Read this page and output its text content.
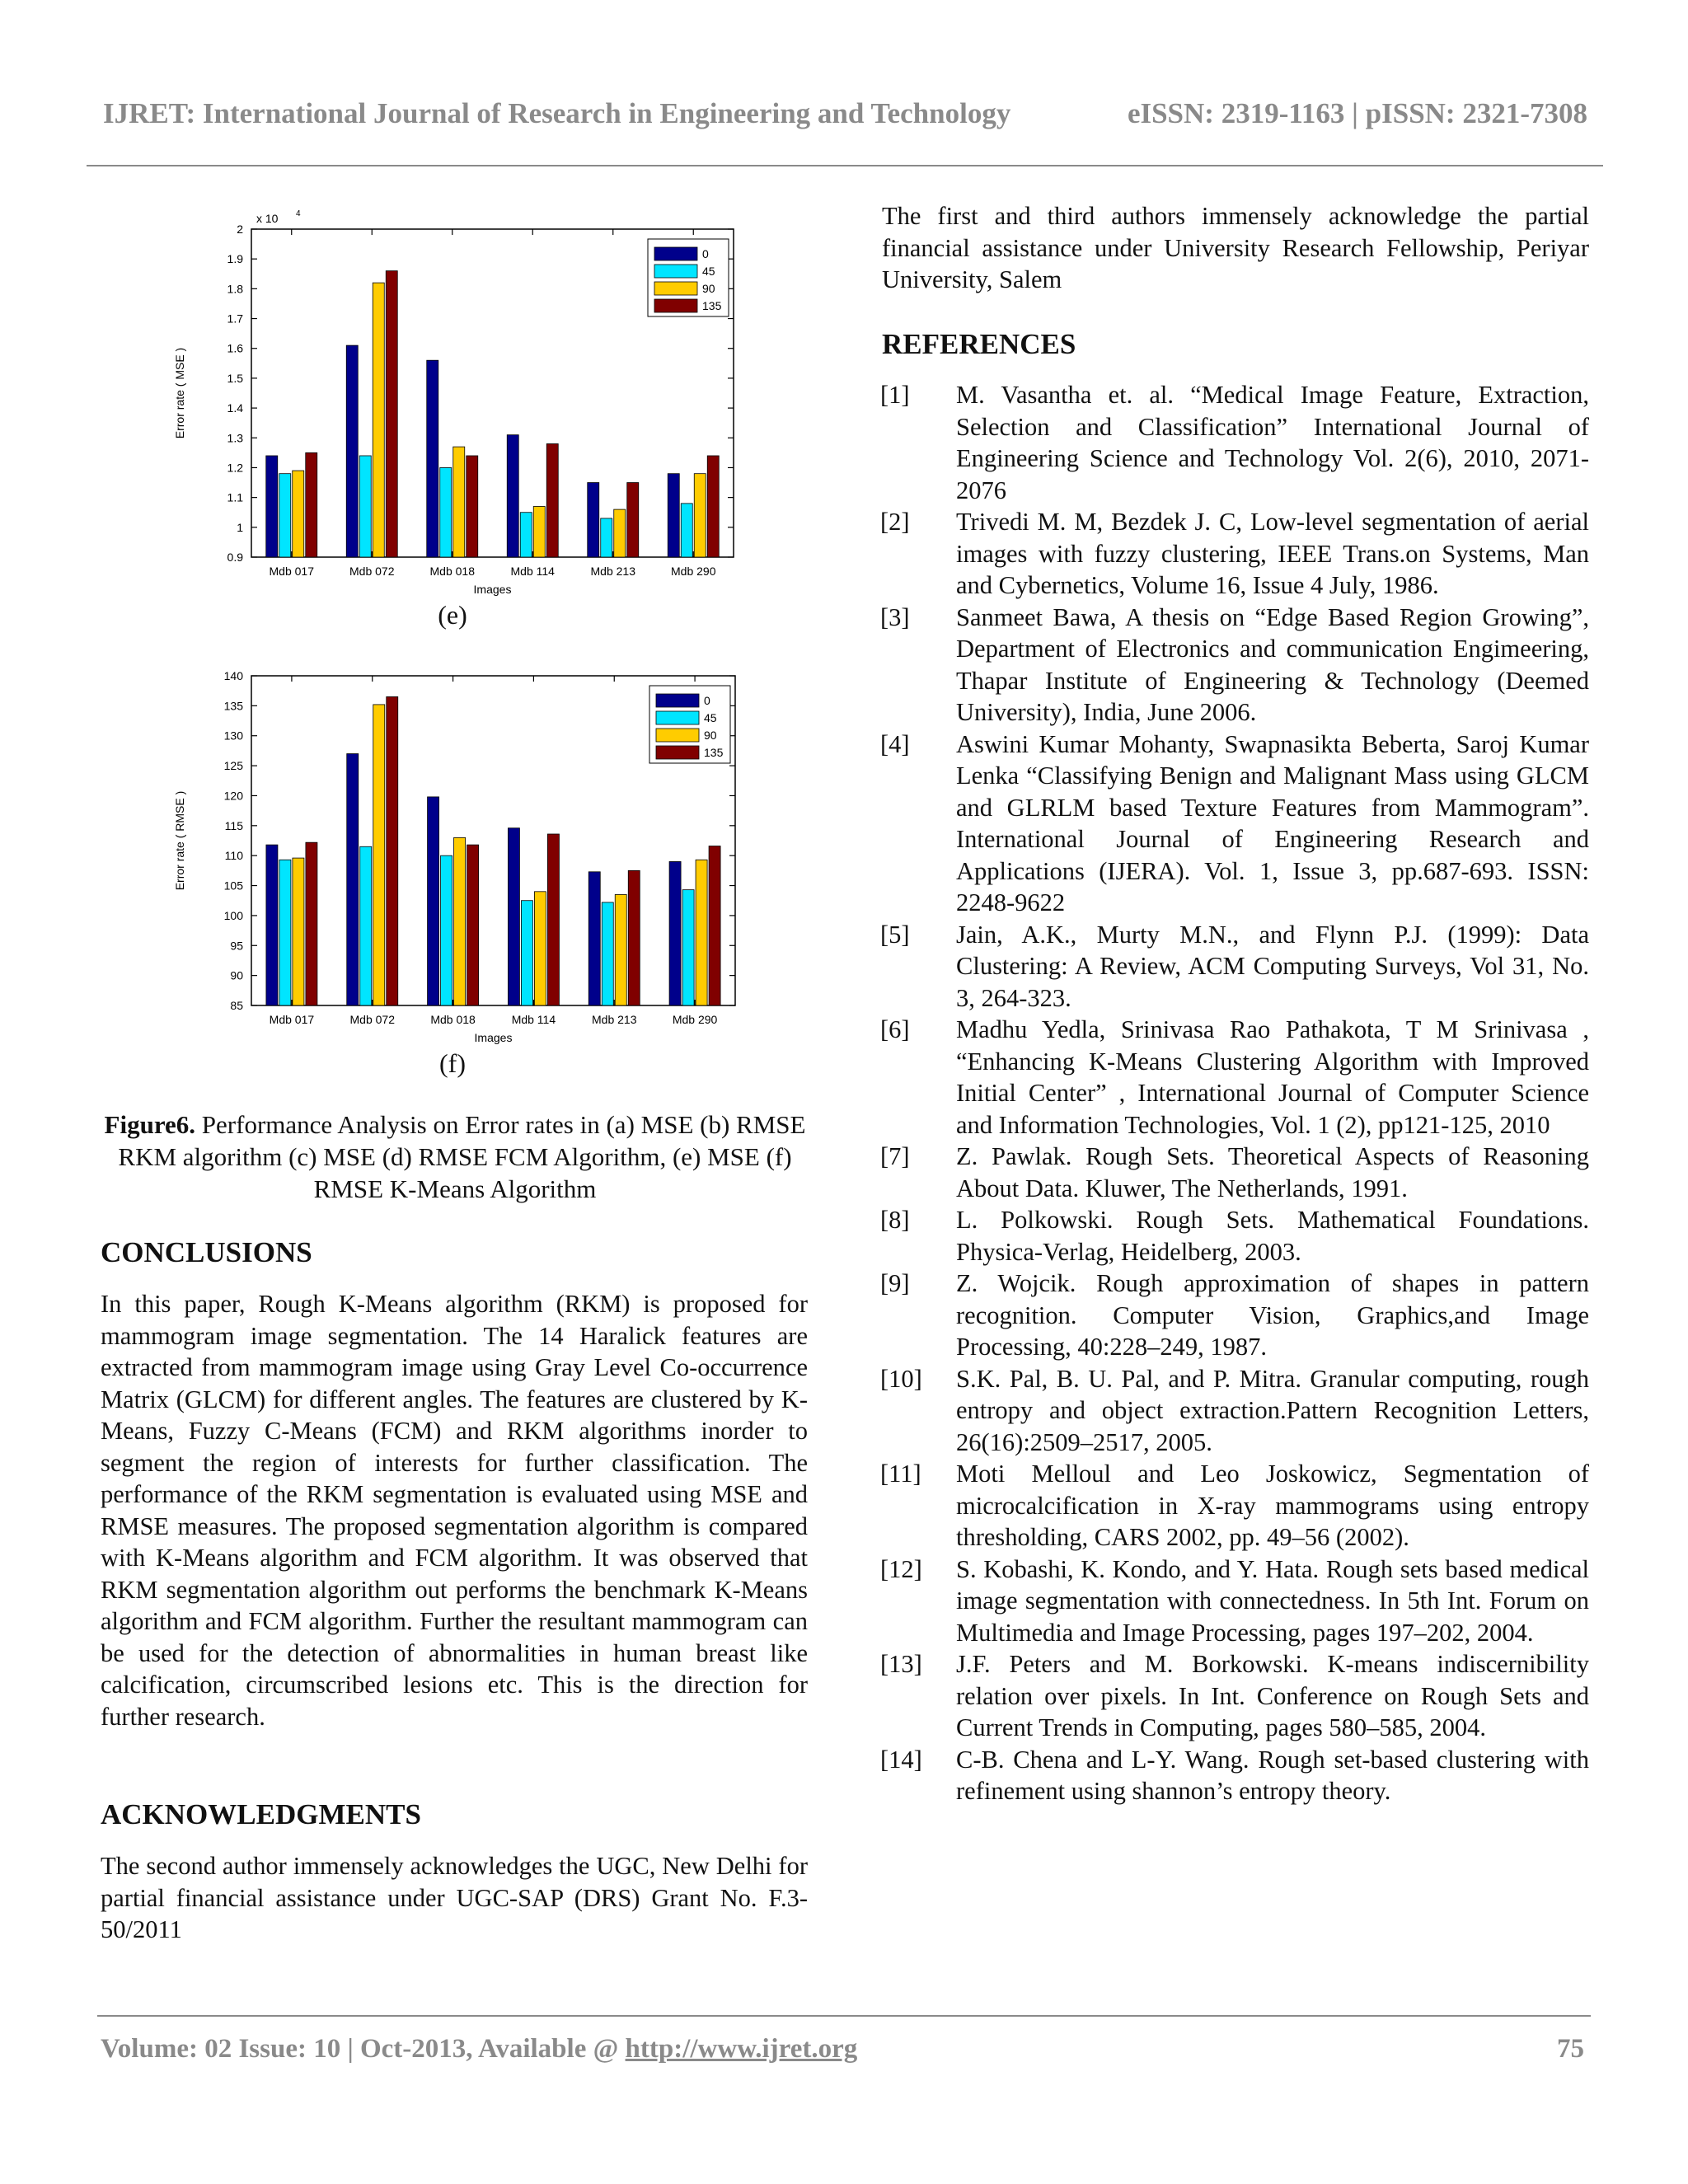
IJRET: International Journal of Research in Engineering and Technology	eISSN: 2319-1163 | pISSN: 2321-7308
0.9
1
1.1
1.2
1.3
1.4
1.5
1.6
1.7
1.8
1.9
2
Mdb 017	Mdb 072	Mdb 018	Mdb 114	Mdb 213	Mdb 290
Images
Error rate ( MSE )
x 10 4
0
45
90
135
(e)
85
90
95
100
105
110
115
120
125
130
135
140
Mdb 017	Mdb 072	Mdb 018	Mdb 114	Mdb 213	Mdb 290
Images
Error rate ( RMSE )
0
45
90
135
(f)
Figure6. Performance Analysis on Error rates in (a) MSE (b) RMSE RKM algorithm (c) MSE (d) RMSE FCM Algorithm, (e) MSE (f) RMSE K-Means Algorithm
CONCLUSIONS

In this paper, Rough K-Means algorithm (RKM) is proposed for mammogram image segmentation. The 14 Haralick features are extracted from mammogram image using Gray Level Co-occurrence Matrix (GLCM) for different angles. The features are clustered by K-Means, Fuzzy C-Means (FCM) and RKM algorithms inorder to segment the region of interests for further classification. The performance of the RKM segmentation is evaluated using MSE and RMSE measures. The proposed segmentation algorithm is compared with K-Means algorithm and FCM algorithm. It was observed that RKM segmentation algorithm out performs the benchmark K-Means algorithm and FCM algorithm. Further the resultant mammogram can be used for the detection of abnormalities in human breast like calcification, circumscribed lesions etc. This is the direction for further research.

ACKNOWLEDGMENTS

The second author immensely acknowledges the UGC, New Delhi for partial financial assistance under UGC-SAP (DRS) Grant No. F.3-50/2011

The first and third authors immensely acknowledge the partial financial assistance under University Research Fellowship, Periyar University, Salem

REFERENCES
[1] M. Vasantha et. al. “Medical Image Feature, Extraction, Selection and Classification” International Journal of Engineering Science and Technology Vol. 2(6), 2010, 2071-2076
[2] Trivedi M. M, Bezdek J. C, Low-level segmentation of aerial images with fuzzy clustering, IEEE Trans.on Systems, Man and Cybernetics, Volume 16, Issue 4 July, 1986.
[3] Sanmeet Bawa, A thesis on “Edge Based Region Growing”, Department of Electronics and communication Engimeering, Thapar Institute of Engineering & Technology (Deemed University), India, June 2006.
[4] Aswini Kumar Mohanty, Swapnasikta Beberta, Saroj Kumar Lenka “Classifying Benign and Malignant Mass using GLCM and GLRLM based Texture Features from Mammogram”. International Journal of Engineering Research and Applications (IJERA). Vol. 1, Issue 3, pp.687-693. ISSN: 2248-9622
[5] Jain, A.K., Murty M.N., and Flynn P.J. (1999): Data Clustering: A Review, ACM Computing Surveys, Vol 31, No. 3, 264-323.
[6] Madhu Yedla, Srinivasa Rao Pathakota, T M Srinivasa , “Enhancing K-Means Clustering Algorithm with Improved Initial Center” , International Journal of Computer Science and Information Technologies, Vol. 1 (2), pp121-125, 2010
[7] Z. Pawlak. Rough Sets. Theoretical Aspects of Reasoning About Data. Kluwer, The Netherlands, 1991.
[8] L. Polkowski. Rough Sets. Mathematical Foundations. Physica-Verlag, Heidelberg, 2003.
[9] Z. Wojcik. Rough approximation of shapes in pattern recognition. Computer Vision, Graphics,and Image Processing, 40:228–249, 1987.
[10] S.K. Pal, B. U. Pal, and P. Mitra. Granular computing, rough entropy and object extraction.Pattern Recognition Letters, 26(16):2509–2517, 2005.
[11] Moti Melloul and Leo Joskowicz, Segmentation of microcalcification in X-ray mammograms using entropy thresholding, CARS 2002, pp. 49–56 (2002).
[12] S. Kobashi, K. Kondo, and Y. Hata. Rough sets based medical image segmentation with connectedness. In 5th Int. Forum on Multimedia and Image Processing, pages 197–202, 2004.
[13] J.F. Peters and M. Borkowski. K-means indiscernibility relation over pixels. In Int. Conference on Rough Sets and Current Trends in Computing, pages 580–585, 2004.
[14] C-B. Chena and L-Y. Wang. Rough set-based clustering with refinement using shannon’s entropy theory.
Volume: 02 Issue: 10 | Oct-2013, Available @ http://www.ijret.org	75
